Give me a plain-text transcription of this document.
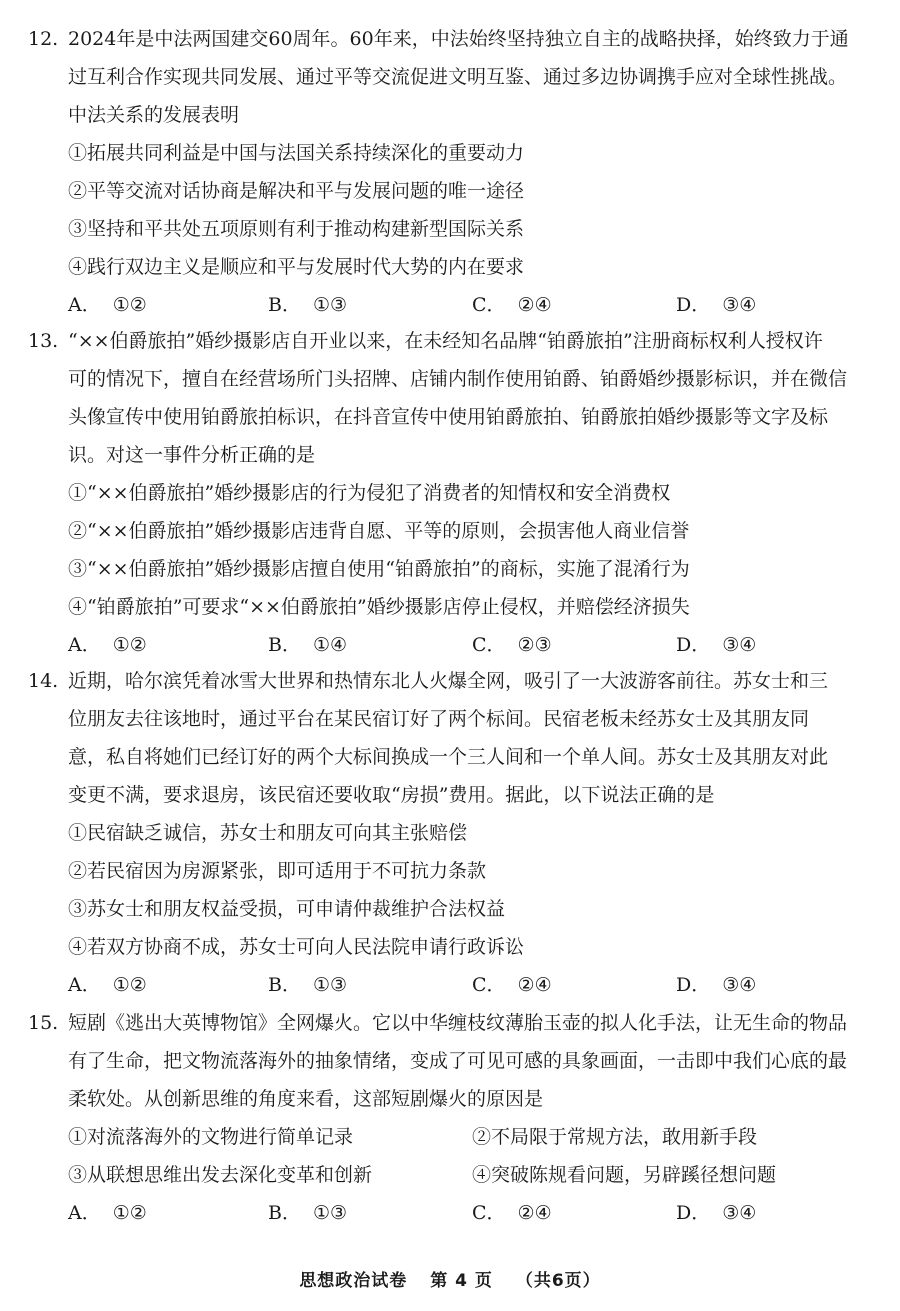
12. 2024年是中法两国建交60周年。60年来，中法始终坚持独立自主的战略抉择，始终致力于通
过互利合作实现共同发展、通过平等交流促进文明互鉴、通过多边协调携手应对全球性挑战。
中法关系的发展表明
①拓展共同利益是中国与法国关系持续深化的重要动力
②平等交流对话协商是解决和平与发展问题的唯一途径
③坚持和平共处五项原则有利于推动构建新型国际关系
④践行双边主义是顺应和平与发展时代大势的内在要求
A． ①②	B． ①③	C． ②④	D． ③④
13. “××伯爵旅拍”婚纱摄影店自开业以来，在未经知名品牌“铂爵旅拍”注册商标权利人授权许
可的情况下，擅自在经营场所门头招牌、店铺内制作使用铂爵、铂爵婚纱摄影标识，并在微信
头像宣传中使用铂爵旅拍标识，在抖音宣传中使用铂爵旅拍、铂爵旅拍婚纱摄影等文字及标
识。对这一事件分析正确的是
①“××伯爵旅拍”婚纱摄影店的行为侵犯了消费者的知情权和安全消费权
②“××伯爵旅拍”婚纱摄影店违背自愿、平等的原则，会损害他人商业信誉
③“××伯爵旅拍”婚纱摄影店擅自使用“铂爵旅拍”的商标，实施了混淆行为
④“铂爵旅拍”可要求“××伯爵旅拍”婚纱摄影店停止侵权，并赔偿经济损失
A． ①②	B． ①④	C． ②③	D． ③④
14. 近期，哈尔滨凭着冰雪大世界和热情东北人火爆全网，吸引了一大波游客前往。苏女士和三
位朋友去往该地时，通过平台在某民宿订好了两个标间。民宿老板未经苏女士及其朋友同
意，私自将她们已经订好的两个大标间换成一个三人间和一个单人间。苏女士及其朋友对此
变更不满，要求退房，该民宿还要收取“房损”费用。据此，以下说法正确的是
①民宿缺乏诚信，苏女士和朋友可向其主张赔偿
②若民宿因为房源紧张，即可适用于不可抗力条款
③苏女士和朋友权益受损，可申请仲裁维护合法权益
④若双方协商不成，苏女士可向人民法院申请行政诉讼
A． ①②	B． ①③	C． ②④	D． ③④
15. 短剧《逃出大英博物馆》全网爆火。它以中华缠枝纹薄胎玉壶的拟人化手法，让无生命的物品
有了生命，把文物流落海外的抽象情绪，变成了可见可感的具象画面，一击即中我们心底的最
柔软处。从创新思维的角度来看，这部短剧爆火的原因是
①对流落海外的文物进行简单记录	②不局限于常规方法，敢用新手段
③从联想思维出发去深化变革和创新	④突破陈规看问题，另辟蹊径想问题
A． ①②	B． ①③	C． ②④	D． ③④
思想政治试卷 第 4 页 （共6页）
